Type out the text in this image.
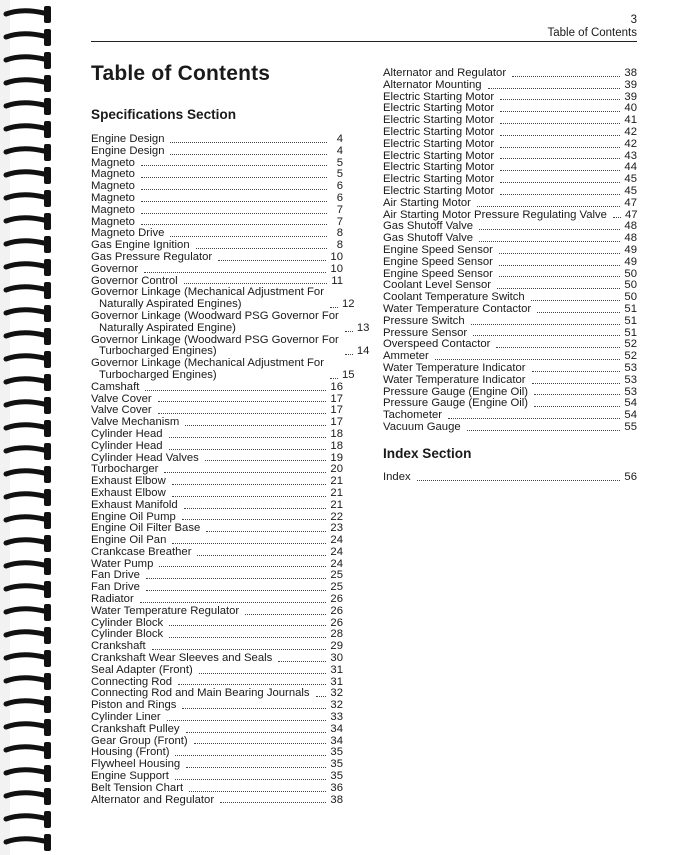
3
Table of Contents
Table of Contents
Specifications Section
Engine Design	4
Engine Design	4
Magneto	5
Magneto	5
Magneto	6
Magneto	6
Magneto	7
Magneto	7
Magneto Drive	8
Gas Engine Ignition	8
Gas Pressure Regulator	10
Governor	10
Governor Control	11
Governor Linkage (Mechanical Adjustment For
Naturally Aspirated Engines)	12
Governor Linkage (Woodward PSG Governor For
Naturally Aspirated Engine)	13
Governor Linkage (Woodward PSG Governor For
Turbocharged Engines)	14
Governor Linkage (Mechanical Adjustment For
Turbocharged Engines)	15
Camshaft	16
Valve Cover	17
Valve Cover	17
Valve Mechanism	17
Cylinder Head	18
Cylinder Head	18
Cylinder Head Valves	19
Turbocharger	20
Exhaust Elbow	21
Exhaust Elbow	21
Exhaust Manifold	21
Engine Oil Pump	22
Engine Oil Filter Base	23
Engine Oil Pan	24
Crankcase Breather	24
Water Pump	24
Fan Drive	25
Fan Drive	25
Radiator	26
Water Temperature Regulator	26
Cylinder Block	26
Cylinder Block	28
Crankshaft	29
Crankshaft Wear Sleeves and Seals	30
Seal Adapter (Front)	31
Connecting Rod	31
Connecting Rod and Main Bearing Journals 32
Piston and Rings	32
Cylinder Liner	33
Crankshaft Pulley	34
Gear Group (Front)	34
Housing (Front)	35
Flywheel Housing	35
Engine Support	35
Belt Tension Chart	36
Alternator and Regulator	38
Alternator and Regulator	38
Alternator Mounting	39
Electric Starting Motor	39
Electric Starting Motor	40
Electric Starting Motor	41
Electric Starting Motor	42
Electric Starting Motor	42
Electric Starting Motor	43
Electric Starting Motor	44
Electric Starting Motor	45
Electric Starting Motor	45
Air Starting Motor	47
Air Starting Motor Pressure Regulating Valve 47
Gas Shutoff Valve	48
Gas Shutoff Valve	48
Engine Speed Sensor	49
Engine Speed Sensor	49
Engine Speed Sensor	50
Coolant Level Sensor	50
Coolant Temperature Switch	50
Water Temperature Contactor	51
Pressure Switch	51
Pressure Sensor	51
Overspeed Contactor	52
Ammeter	52
Water Temperature Indicator	53
Water Temperature Indicator	53
Pressure Gauge (Engine Oil)	53
Pressure Gauge (Engine Oil)	54
Tachometer	54
Vacuum Gauge	55
Index Section
Index	56
